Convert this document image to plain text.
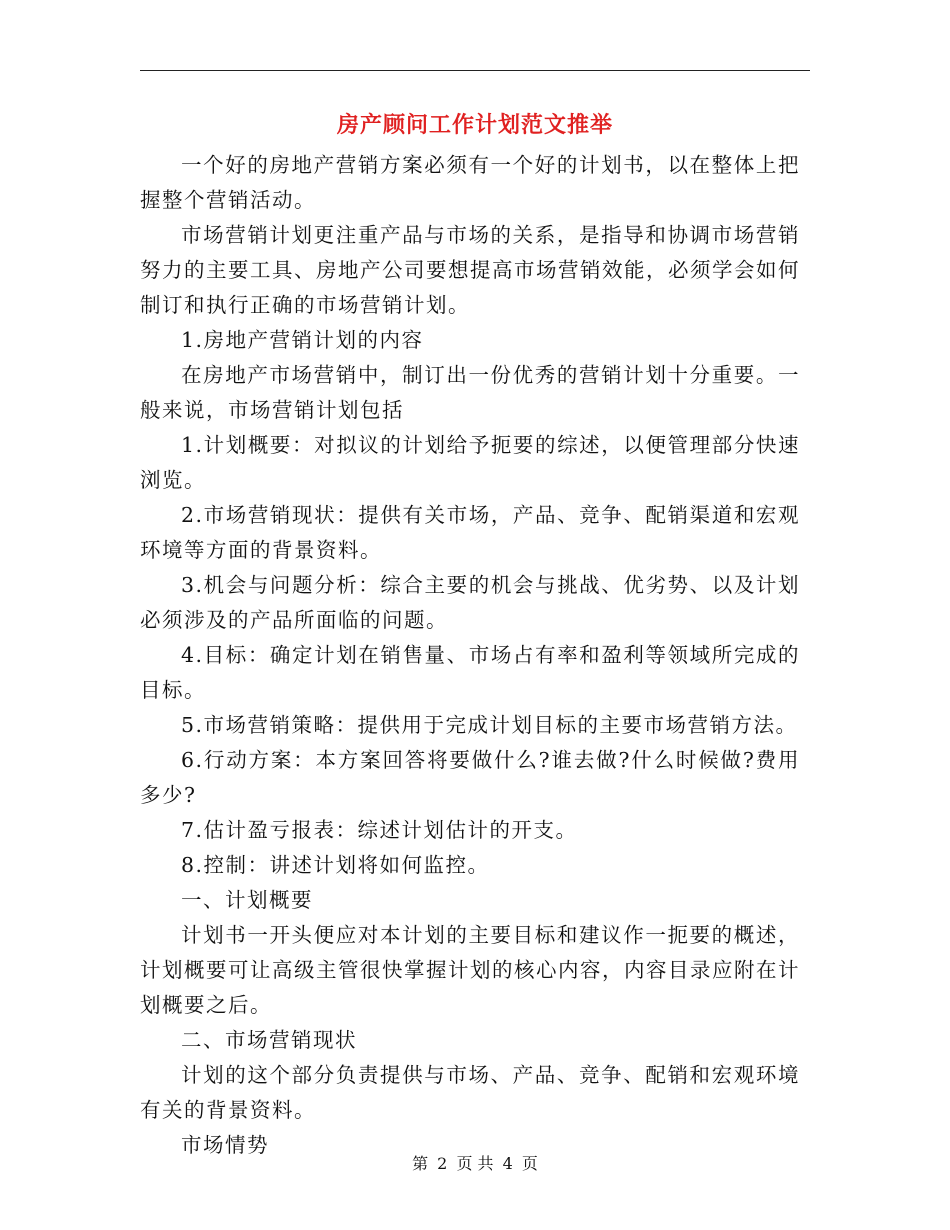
房产顾问工作计划范文推举

一个好的房地产营销方案必须有一个好的计划书，以在整体上把握整个营销活动。

市场营销计划更注重产品与市场的关系，是指导和协调市场营销努力的主要工具、房地产公司要想提高市场营销效能，必须学会如何制订和执行正确的市场营销计划。

1.房地产营销计划的内容

在房地产市场营销中，制订出一份优秀的营销计划十分重要。一般来说，市场营销计划包括

1.计划概要：对拟议的计划给予扼要的综述，以便管理部分快速浏览。

2.市场营销现状：提供有关市场，产品、竞争、配销渠道和宏观环境等方面的背景资料。

3.机会与问题分析：综合主要的机会与挑战、优劣势、以及计划必须涉及的产品所面临的问题。

4.目标：确定计划在销售量、市场占有率和盈利等领域所完成的目标。

5.市场营销策略：提供用于完成计划目标的主要市场营销方法。

6.行动方案：本方案回答将要做什么?谁去做?什么时候做?费用多少?

7.估计盈亏报表：综述计划估计的开支。

8.控制：讲述计划将如何监控。

一、计划概要

计划书一开头便应对本计划的主要目标和建议作一扼要的概述，计划概要可让高级主管很快掌握计划的核心内容，内容目录应附在计划概要之后。

二、市场营销现状

计划的这个部分负责提供与市场、产品、竞争、配销和宏观环境有关的背景资料。

市场情势

第 2 页 共 4 页
